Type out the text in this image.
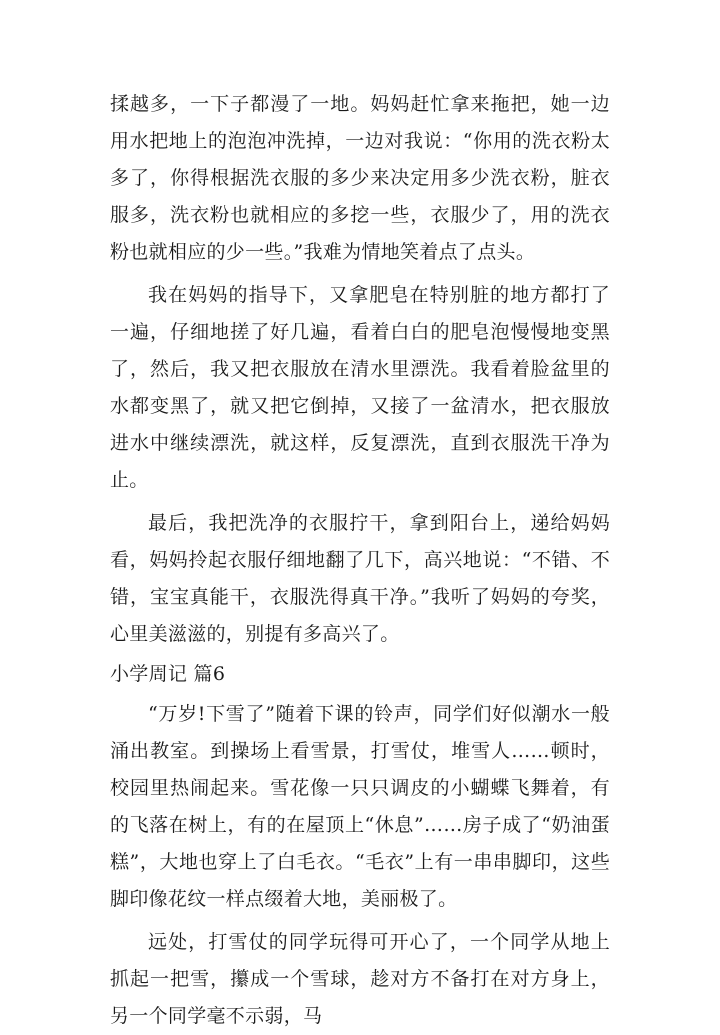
揉越多，一下子都漫了一地。妈妈赶忙拿来拖把，她一边用水把地上的泡泡冲洗掉，一边对我说：“你用的洗衣粉太多了，你得根据洗衣服的多少来决定用多少洗衣粉，脏衣服多，洗衣粉也就相应的多挖一些，衣服少了，用的洗衣粉也就相应的少一些。”我难为情地笑着点了点头。

我在妈妈的指导下，又拿肥皂在特别脏的地方都打了一遍，仔细地搓了好几遍，看着白白的肥皂泡慢慢地变黑了，然后，我又把衣服放在清水里漂洗。我看着脸盆里的水都变黑了，就又把它倒掉，又接了一盆清水，把衣服放进水中继续漂洗，就这样，反复漂洗，直到衣服洗干净为止。

最后，我把洗净的衣服拧干，拿到阳台上，递给妈妈看，妈妈拎起衣服仔细地翻了几下，高兴地说：“不错、不错，宝宝真能干，衣服洗得真干净。”我听了妈妈的夸奖，心里美滋滋的，别提有多高兴了。

小学周记 篇6

“万岁!下雪了”随着下课的铃声，同学们好似潮水一般涌出教室。到操场上看雪景，打雪仗，堆雪人……顿时，校园里热闹起来。雪花像一只只调皮的小蝴蝶飞舞着，有的飞落在树上，有的在屋顶上“休息”……房子成了“奶油蛋糕”，大地也穿上了白毛衣。“毛衣”上有一串串脚印，这些脚印像花纹一样点缀着大地，美丽极了。

远处，打雪仗的同学玩得可开心了，一个同学从地上抓起一把雪，攥成一个雪球，趁对方不备打在对方身上，另一个同学毫不示弱，马
